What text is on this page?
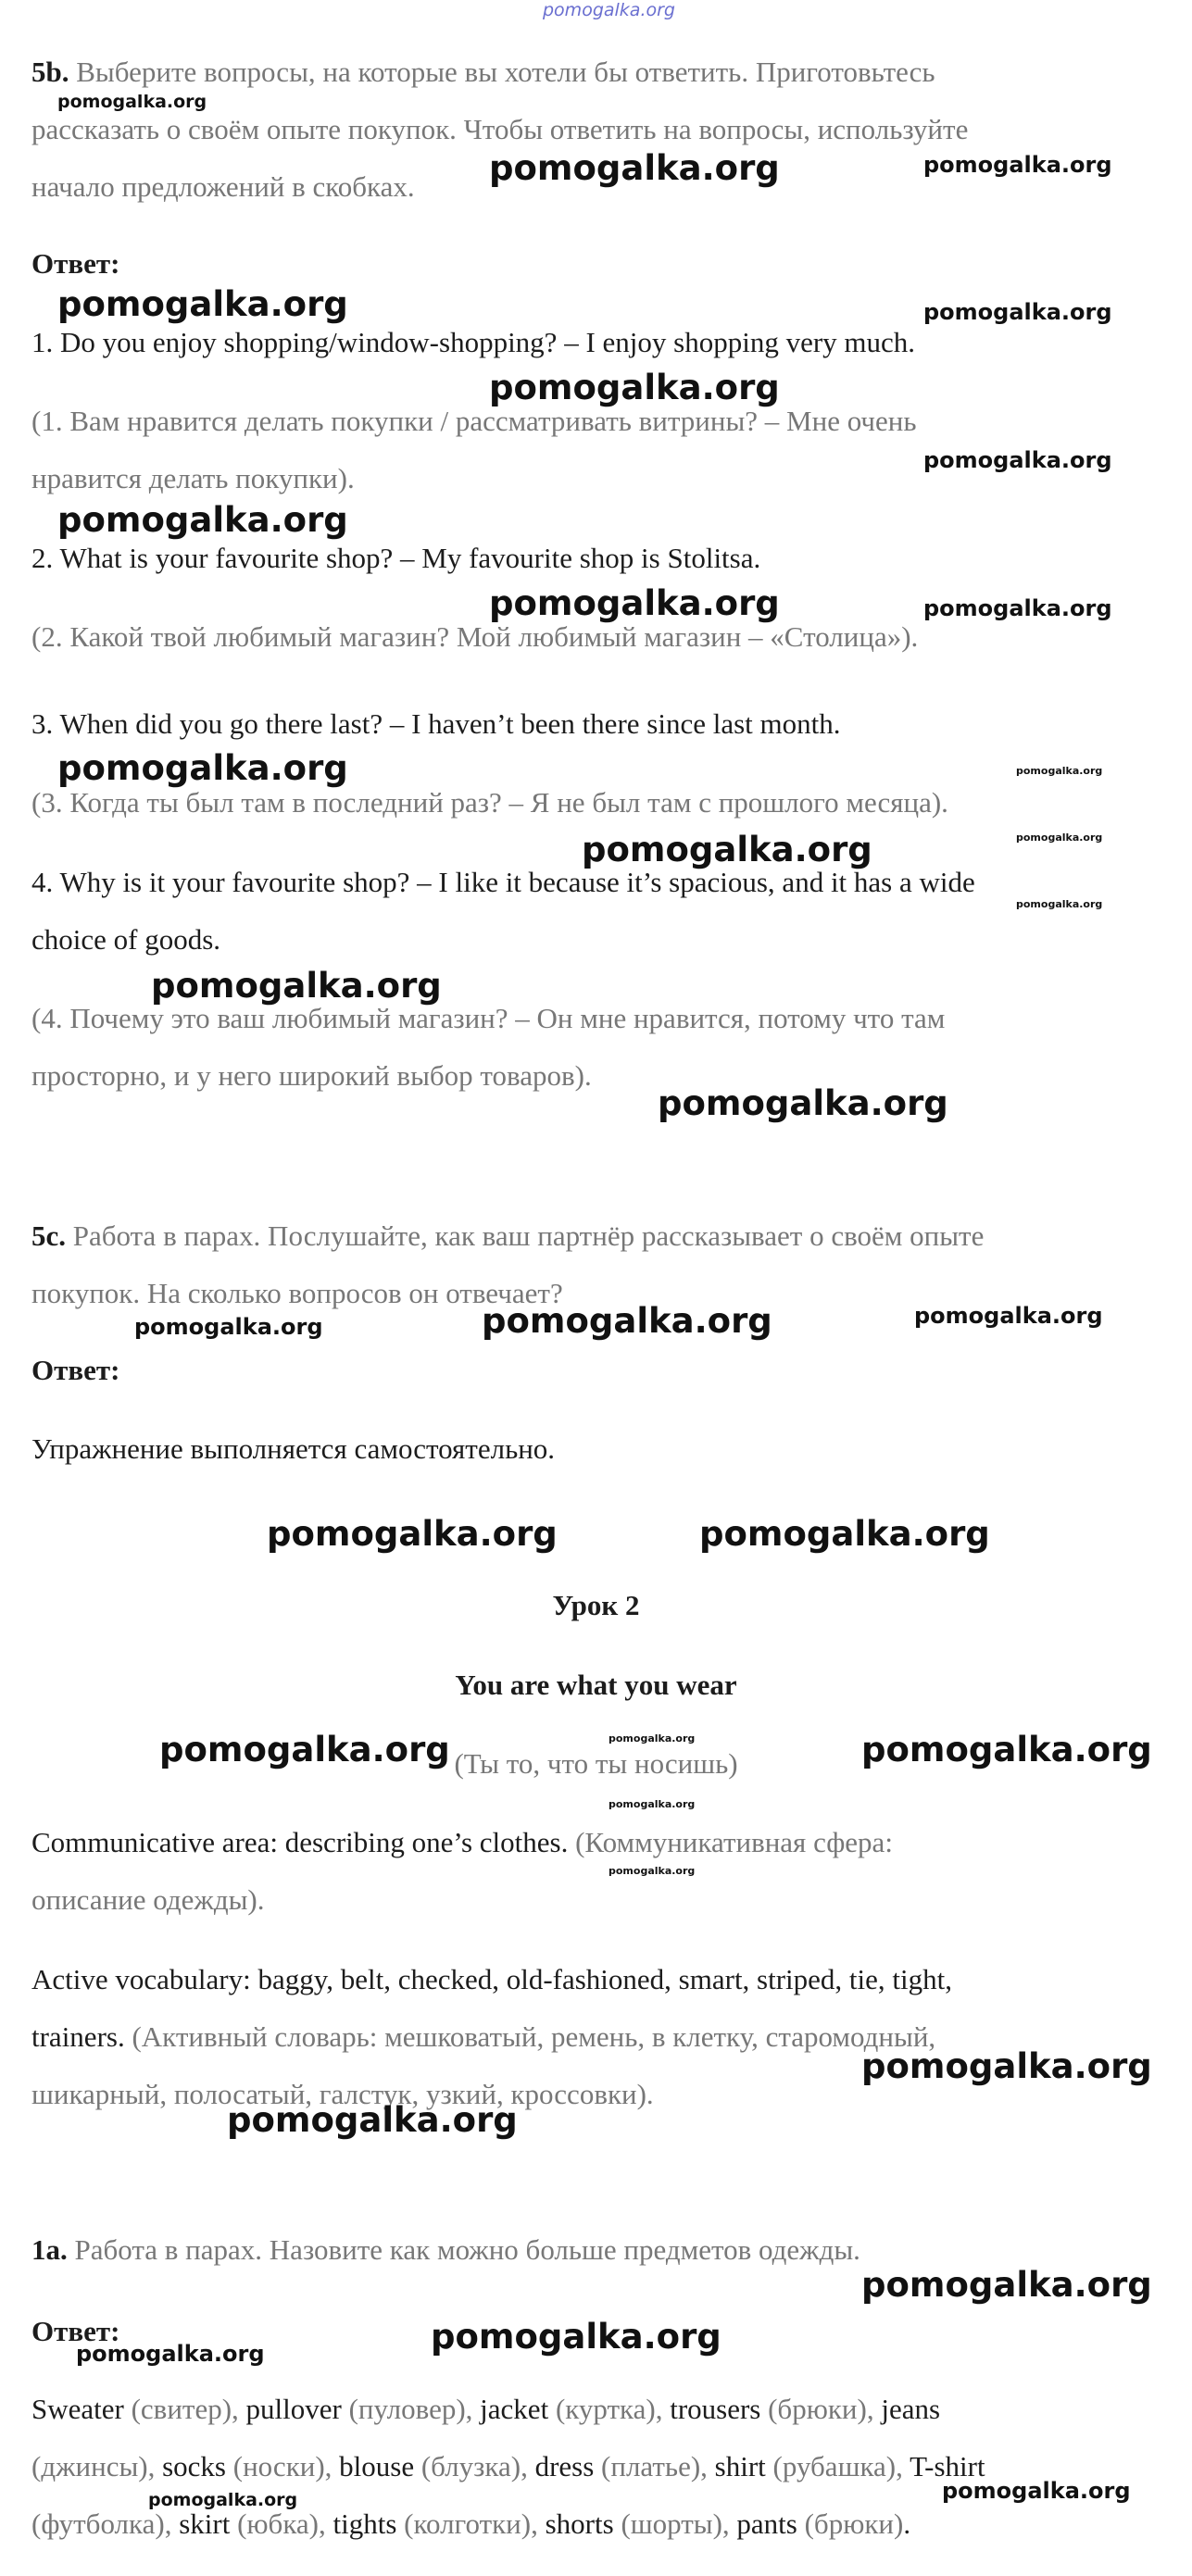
pomogalka.org
5b. Выберите вопросы, на которые вы хотели бы ответить. Приготовьтесь
рассказать о своём опыте покупок. Чтобы ответить на вопросы, используйте
начало предложений в скобках.
Ответ:
1. Do you enjoy shopping/window-shopping? – I enjoy shopping very much.
(1. Вам нравится делать покупки / рассматривать витрины? – Мне очень
нравится делать покупки).
2. What is your favourite shop? – My favourite shop is Stolitsa.
(2. Какой твой любимый магазин? Мой любимый магазин – «Столица»).
3. When did you go there last? – I haven’t been there since last month.
(3. Когда ты был там в последний раз? – Я не был там с прошлого месяца).
4. Why is it your favourite shop? – I like it because it’s spacious, and it has a wide
choice of goods.
(4. Почему это ваш любимый магазин? – Он мне нравится, потому что там
просторно, и у него широкий выбор товаров).
5c. Работа в парах. Послушайте, как ваш партнёр рассказывает о своём опыте
покупок. На сколько вопросов он отвечает?
Ответ:
Упражнение выполняется самостоятельно.
Урок 2
You are what you wear
(Ты то, что ты носишь)
Communicative area: describing one’s clothes. (Коммуникативная сфера:
описание одежды).
Active vocabulary: baggy, belt, checked, old-fashioned, smart, striped, tie, tight,
trainers. (Активный словарь: мешковатый, ремень, в клетку, старомодный,
шикарный, полосатый, галстук, узкий, кроссовки).
1a. Работа в парах. Назовите как можно больше предметов одежды.
Ответ:
Sweater (свитер), pullover (пуловер), jacket (куртка), trousers (брюки), jeans
(джинсы), socks (носки), blouse (блузка), dress (платье), shirt (рубашка), T-shirt
(футболка), skirt (юбка), tights (колготки), shorts (шорты), pants (брюки).
pomogalka.org
pomogalka.org	pomogalka.org
pomogalka.org	pomogalka.org
pomogalka.org
pomogalka.org
pomogalka.org
pomogalka.org	pomogalka.org
pomogalka.org	pomogalka.org
pomogalka.org	pomogalka.org
pomogalka.org
pomogalka.org
pomogalka.org
pomogalka.org	pomogalka.org	pomogalka.org
pomogalka.org	pomogalka.org
pomogalka.org	pomogalka.org
pomogalka.org
pomogalka.org
pomogalka.org
pomogalka.org
pomogalka.org
pomogalka.org
pomogalka.org	pomogalka.org
pomogalka.org	pomogalka.org
